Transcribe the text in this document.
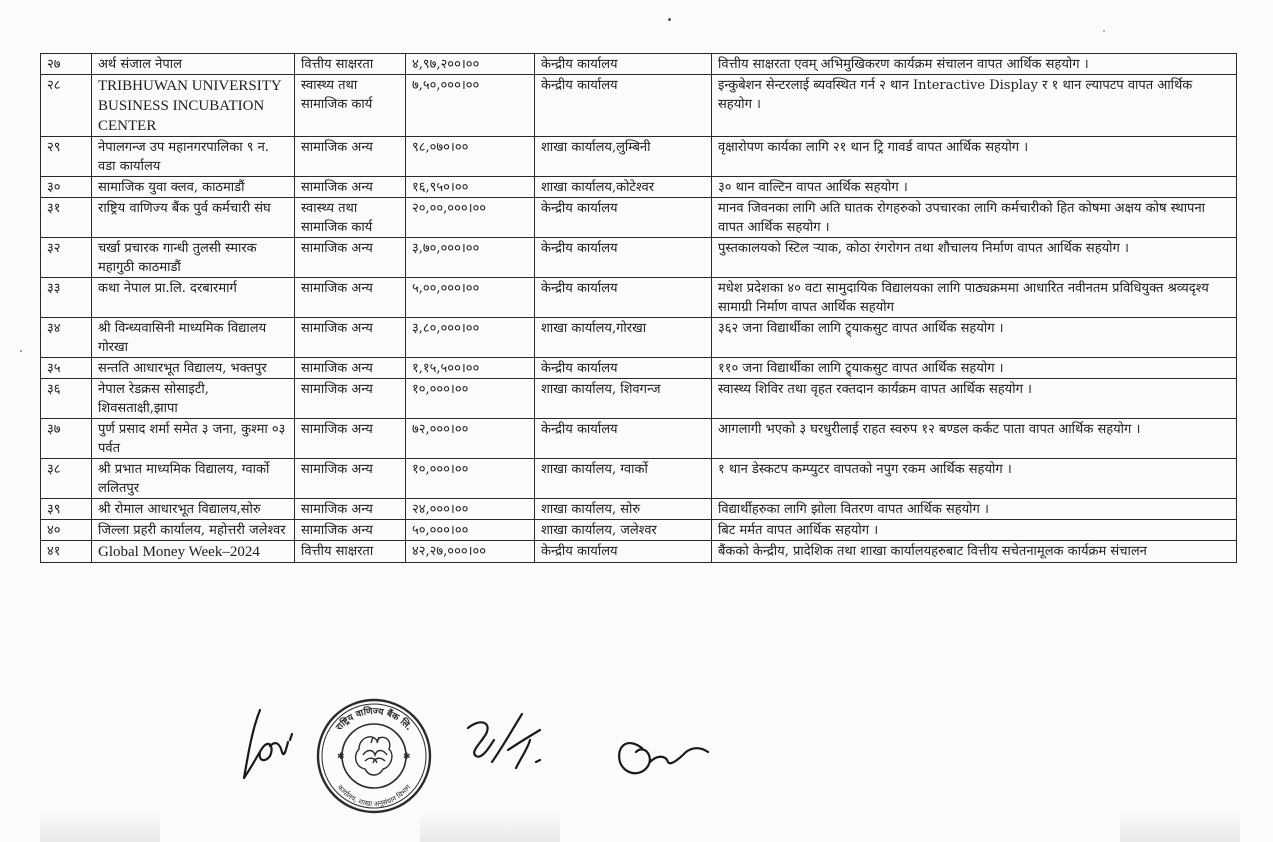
२७	अर्थ संजाल नेपाल	वित्तीय साक्षरता	४,९७,२००।००	केन्द्रीय कार्यालय	वित्तीय साक्षरता एवम् अभिमुखिकरण कार्यक्रम संचालन वापत आर्थिक सहयोग ।
२८	TRIBHUWAN UNIVERSITY BUSINESS INCUBATION CENTER	स्वास्थ्य तथा सामाजिक कार्य	७,५०,०००।००	केन्द्रीय कार्यालय	इन्कुबेशन सेन्टरलाई ब्यवस्थित गर्न २ थान Interactive Display र १ थान ल्यापटप वापत आर्थिक सहयोग ।
२९	नेपालगन्ज उप महानगरपालिका ९ न. वडा कार्यालय	सामाजिक अन्य	९८,०७०।००	शाखा कार्यालय,लुम्बिनी	वृक्षारोपण कार्यका लागि २१ थान ट्रि गावर्ड वापत आर्थिक सहयोग ।
३०	सामाजिक युवा क्लव, काठमाडौं	सामाजिक अन्य	१६,९५०।००	शाखा कार्यालय,कोटेश्वर	३० थान वाल्टिन वापत आर्थिक सहयोग ।
३१	राष्ट्रिय वाणिज्य बैंक पुर्व कर्मचारी संघ	स्वास्थ्य तथा सामाजिक कार्य	२०,००,०००।००	केन्द्रीय कार्यालय	मानव जिवनका लागि अति घातक रोगहरुको उपचारका लागि कर्मचारीको हित कोषमा अक्षय कोष स्थापना वापत आर्थिक सहयोग ।
३२	चर्खा प्रचारक गान्धी तुलसी स्मारक महागुठी काठमाडौं	सामाजिक अन्य	३,७०,०००।००	केन्द्रीय कार्यालय	पुस्तकालयको स्टिल र्‍याक, कोठा रंगरोगन तथा शौचालय निर्माण वापत आर्थिक सहयोग ।
३३	कथा नेपाल प्रा.लि. दरबारमार्ग	सामाजिक अन्य	५,००,०००।००	केन्द्रीय कार्यालय	मधेश प्रदेशका ४० वटा सामुदायिक विद्यालयका लागि पाठ्यक्रममा आधारित नवीनतम प्रविधियुक्त श्रव्यदृश्य सामाग्री निर्माण वापत आर्थिक सहयोग
३४	श्री विन्ध्यवासिनी माध्यमिक विद्यालय गोरखा	सामाजिक अन्य	३,८०,०००।००	शाखा कार्यालय,गोरखा	३६२ जना विद्यार्थीका लागि ट्र्याकसुट वापत आर्थिक सहयोग ।
३५	सन्तति आधारभूत विद्यालय, भक्तपुर	सामाजिक अन्य	१,१५,५००।००	केन्द्रीय कार्यालय	११० जना विद्यार्थीका लागि ट्र्याकसुट वापत आर्थिक सहयोग ।
३६	नेपाल रेडक्रस सोसाइटी, शिवसताक्षी,झापा	सामाजिक अन्य	१०,०००।००	शाखा कार्यालय, शिवगन्ज	स्वास्थ्य शिविर तथा वृहत रक्तदान कार्यक्रम वापत आर्थिक सहयोग ।
३७	पुर्ण प्रसाद शर्मा समेत ३ जना, कुश्मा ०३ पर्वत	सामाजिक अन्य	७२,०००।००	केन्द्रीय कार्यालय	आगलागी भएको ३ घरधुरीलाई राहत स्वरुप १२ बण्डल कर्कट पाता वापत आर्थिक सहयोग ।
३८	श्री प्रभात माध्यमिक विद्यालय, ग्वार्को ललितपुर	सामाजिक अन्य	१०,०००।००	शाखा कार्यालय, ग्वार्को	१ थान डेस्कटप कम्प्युटर वापतको नपुग रकम आर्थिक सहयोग ।
३९	श्री रोमाल आधारभूत विद्यालय,सोरु	सामाजिक अन्य	२४,०००।००	शाखा कार्यालय, सोरु	विद्यार्थीहरुका लागि झोला वितरण वापत आर्थिक सहयोग ।
४०	जिल्ला प्रहरी कार्यालय, महोत्तरी जलेश्वर	सामाजिक अन्य	५०,०००।००	शाखा कार्यालय, जलेश्वर	बिट मर्मत वापत आर्थिक सहयोग ।
४१	Global Money Week–2024	वित्तीय साक्षरता	४२,२७,०००।००	केन्द्रीय कार्यालय	बैंकको केन्द्रीय, प्रादेशिक तथा शाखा कार्यालयहरुबाट वित्तीय सचेतनामूलक कार्यक्रम संचालन
राष्ट्रिय वाणिज्य बैंक लि.
कार्यालय, शाखा अनुसंधान विभाग
✱	✱
